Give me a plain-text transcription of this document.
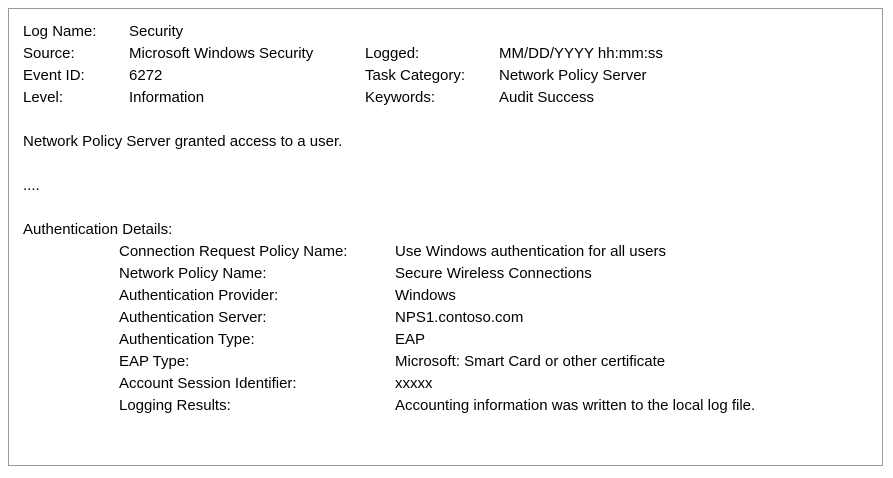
Log Name:	Security		
Source:	Microsoft Windows Security	Logged:	MM/DD/YYYY hh:mm:ss
Event ID:	6272	Task Category:	Network Policy Server
Level:	Information	Keywords:	Audit Success
Network Policy Server granted access to a user.
....
Authentication Details:
Connection Request Policy Name:	Use Windows authentication for all users
Network Policy Name:	Secure Wireless Connections
Authentication Provider:	Windows
Authentication Server:	NPS1.contoso.com
Authentication Type:	EAP
EAP Type:	Microsoft: Smart Card or other certificate
Account Session Identifier:	xxxxx
Logging Results:	Accounting information was written to the local log file.
